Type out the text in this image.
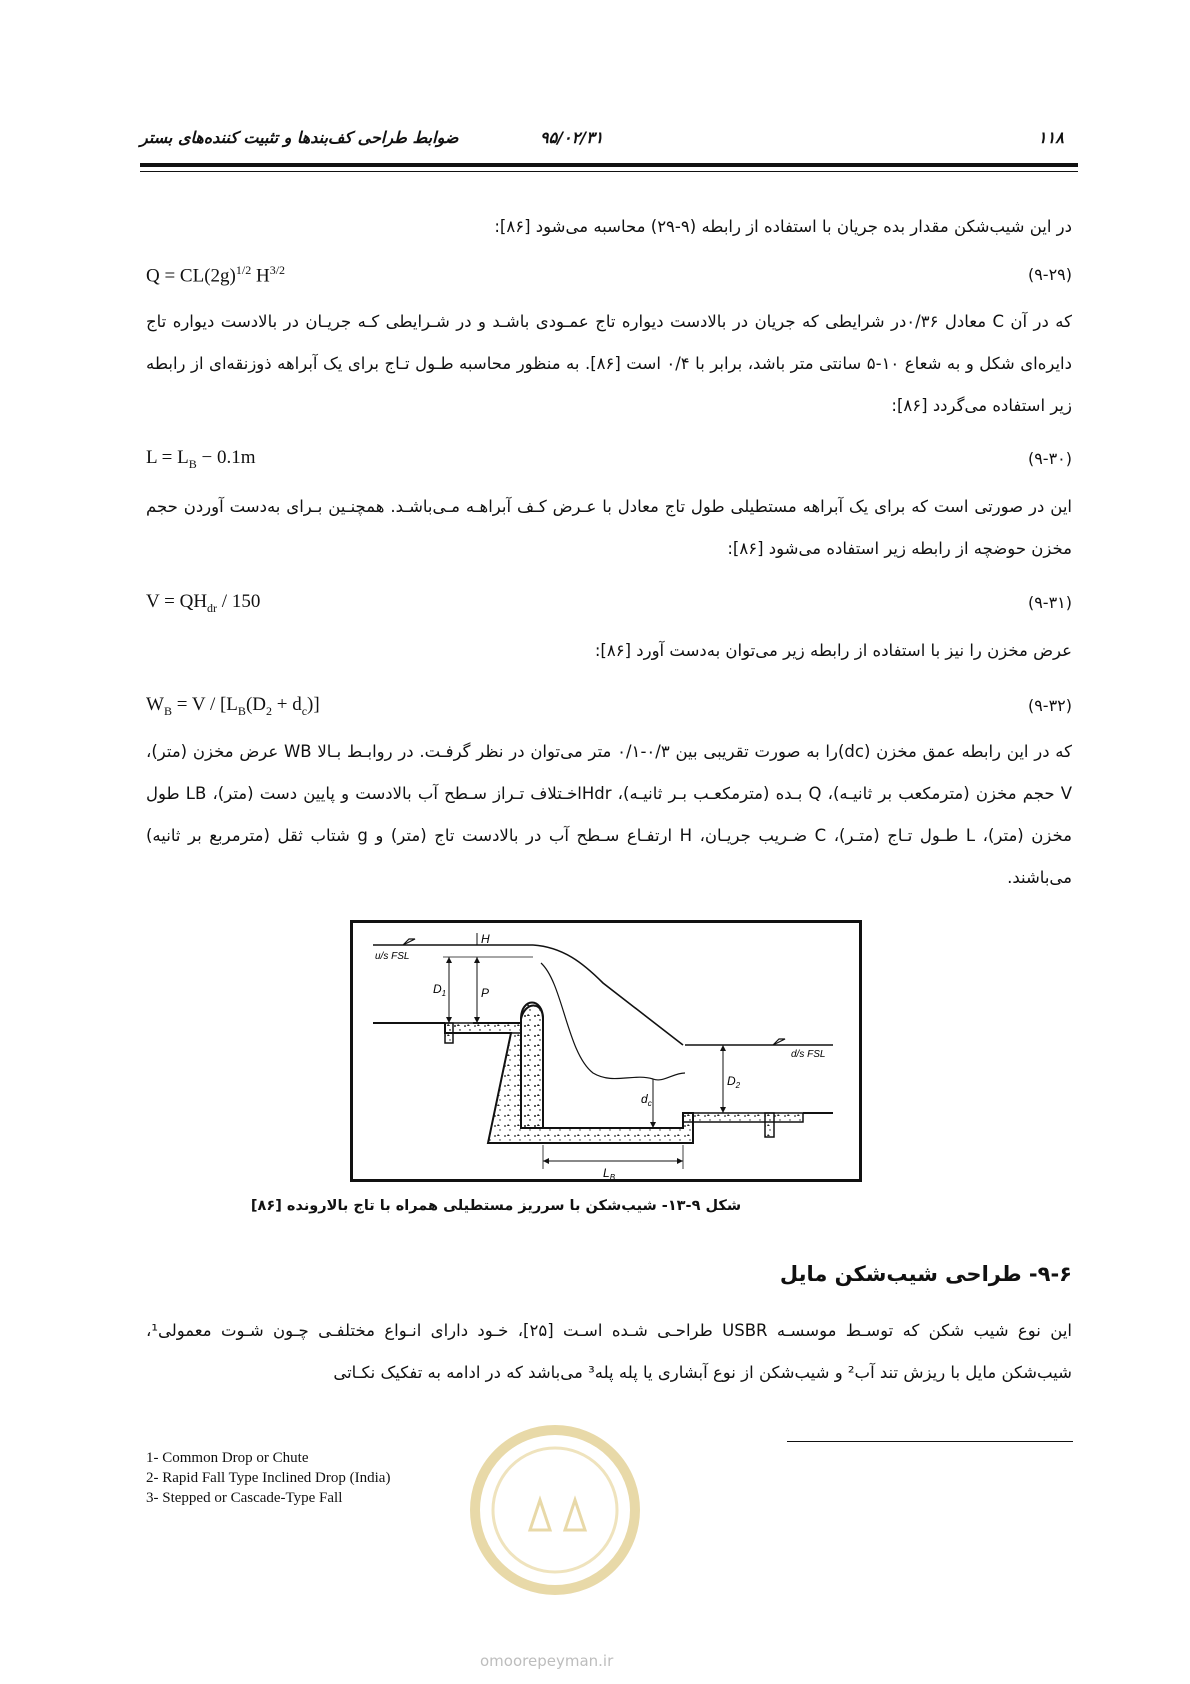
۱۱۸
۹۵/۰۲/۳۱
ضوابط طراحی کف‌بندها و تثبیت کننده‌های بستر
در این شیب‌شکن مقدار بده جریان با استفاده از رابطه (۹-۲۹) محاسبه می‌شود [۸۶]:
$Q = CL(2g)^{1/2}$ $H^{3/2}$	(۹-۲۹)
که در آن C معادل ۰/۳۶در شرایطی که جریان در بالادست دیواره تاج عمـودی باشـد و در شـرایطی کـه جریـان در بالادست دیواره تاج دایره‌ای شکل و به شعاع ۱۰-۵ سانتی متر باشد، برابر با ۰/۴ است [۸۶]. به منظور محاسبه طـول تـاج برای یک آبراهه ذوزنقه‌ای از رابطه زیر استفاده می‌گردد [۸۶]:
$L = L_B - 0.1m$	(۹-۳۰)
این در صورتی است که برای یک آبراهه مستطیلی طول تاج معادل با عـرض کـف آبراهـه مـی‌باشـد. همچنـین بـرای به‌دست آوردن حجم مخزن حوضچه از رابطه زیر استفاده می‌شود [۸۶]:
$V = QH_{dr} / 150$	(۹-۳۱)
عرض مخزن را نیز با استفاده از رابطه زیر می‌توان به‌دست آورد [۸۶]:
$W_B = V / [L_B(D_2 + d_c)]$	(۹-۳۲)
که در این رابطه عمق مخزن (dc)را به صورت تقریبی بین ۰/۳-۰/۱ متر می‌توان در نظر گرفـت. در روابـط بـالا WB عرض مخزن (متر)، V حجم مخزن (مترمکعب بر ثانیـه)، Q بـده (مترمکعـب بـر ثانیـه)، Hdrاخـتلاف تـراز سـطح آب بالادست و پایین دست (متر)، LB طول مخزن (متر)، L طـول تـاج (متـر)، C ضـریب جریـان، H ارتفـاع سـطح آب در بالادست تاج (متر) و g شتاب ثقل (مترمربع بر ثانیه) می‌باشند.
H
u/s FSL
$D_1$	P
$d_c$
$D_2$
d/s FSL
$L_B$
شکل ۹-۱۳- شیب‌شکن با سرریز مستطیلی همراه با تاج بالارونده [۸۶]
۹-۶- طراحی شیب‌شکن مایل
این نوع شیب شکن که توسـط موسسـه USBR طراحـی شـده اسـت [۲۵]، خـود دارای انـواع مختلفـی چـون شـوت معمولی¹، شیب‌شکن مایل با ریزش تند آب² و شیب‌شکن از نوع آبشاری یا پله پله³ می‌باشد که در ادامه به تفکیک نکـاتی
1- Common Drop or Chute
2- Rapid Fall Type Inclined Drop (India)
3- Stepped or Cascade-Type Fall
omoorepeyman.ir
